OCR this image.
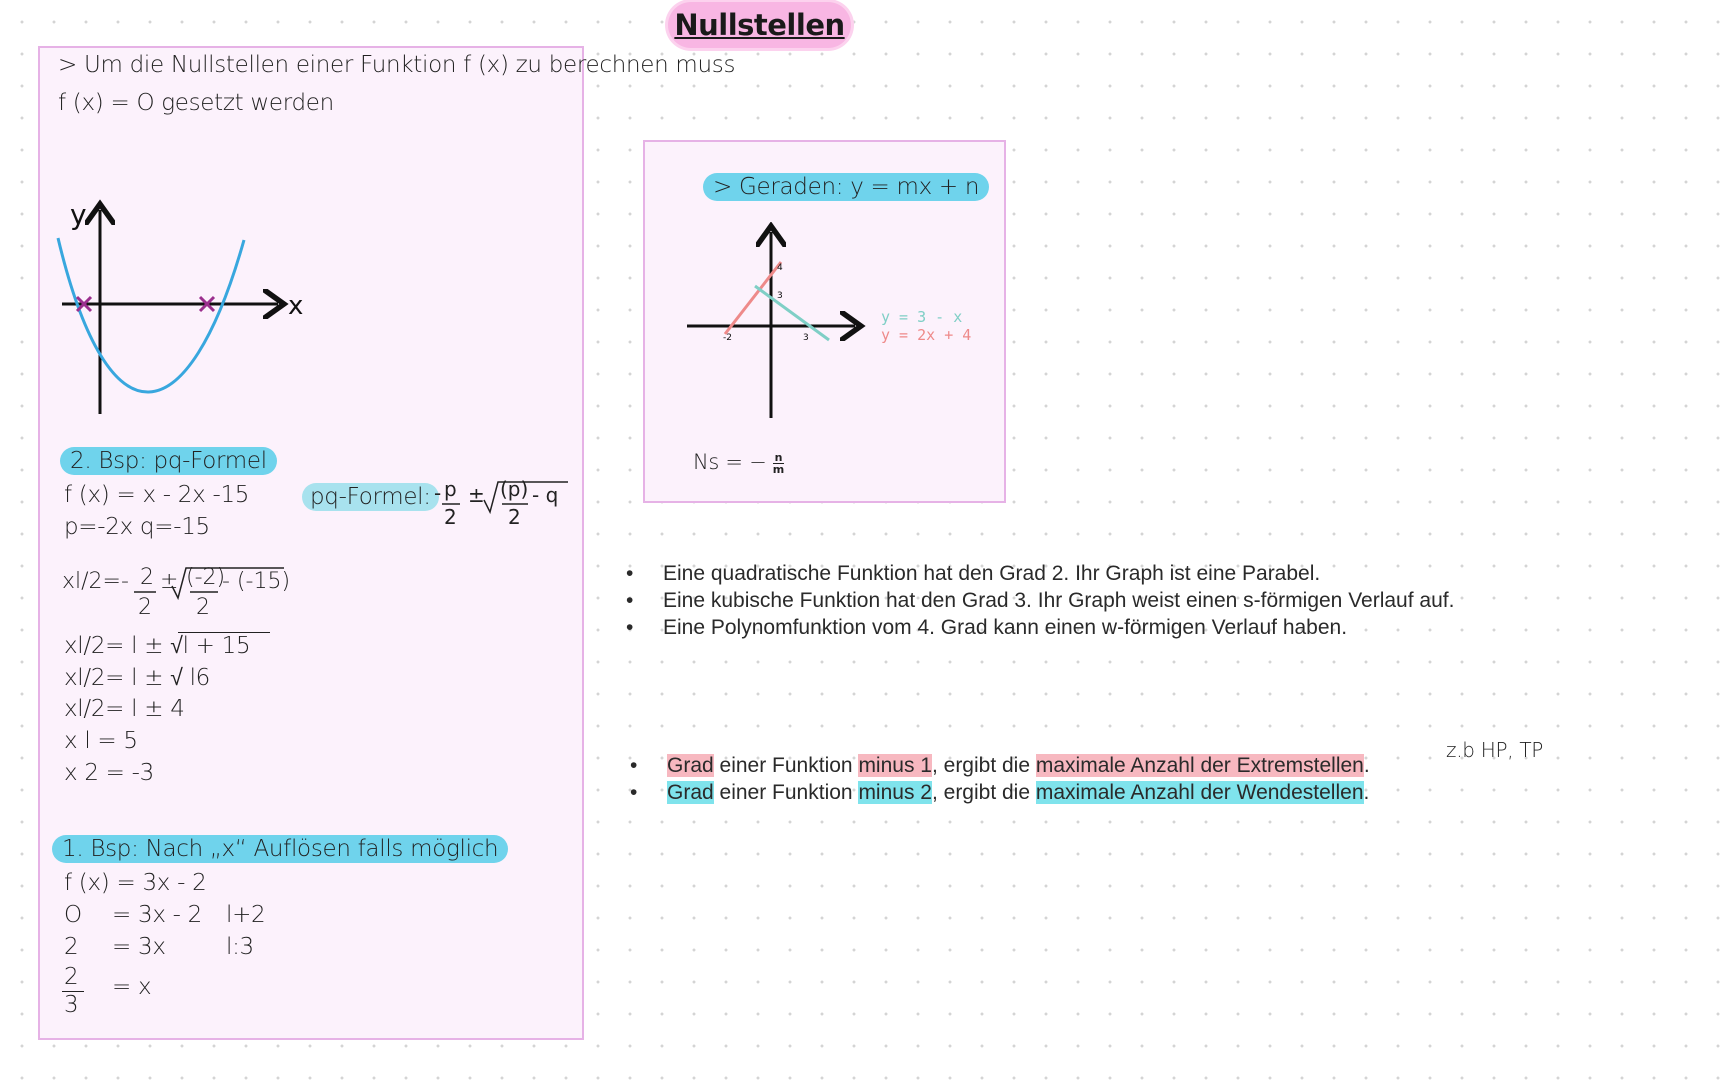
Nullstellen
> Um die Nullstellen einer Funktion f (x) zu berechnen muss
f (x) = O gesetzt werden
y
x
2. Bsp: pq-Formel
f (x) = x - 2x -15
p=-2x q=-15
pq-Formel: - p
2
± (p)
2
- q
xl/2=- 2
2
± (-2)
2
- (-15)
xl/2= l ± √l + 15
xl/2= l ± √ l6
xl/2= l ± 4
x l = 5
x 2 = -3
1. Bsp: Nach „x“ Auflösen falls möglich
f (x) = 3x - 2
O = 3x - 2 l+2
2 = 3x	l:3
2
3
= x
> Geraden: y = mx + n
-2	3
4
3
y = 3 - x
y = 2x + 4
Ns = − $\frac{n}{m}$
• Eine quadratische Funktion hat den Grad 2. Ihr Graph ist eine Parabel.
• Eine kubische Funktion hat den Grad 3. Ihr Graph weist einen s-förmigen Verlauf auf.
• Eine Polynomfunktion vom 4. Grad kann einen w-förmigen Verlauf haben.
• Grad einer Funktion minus 1, ergibt die maximale Anzahl der Extremstellen.
• Grad einer Funktion minus 2, ergibt die maximale Anzahl der Wendestellen.
z.b HP, TP
